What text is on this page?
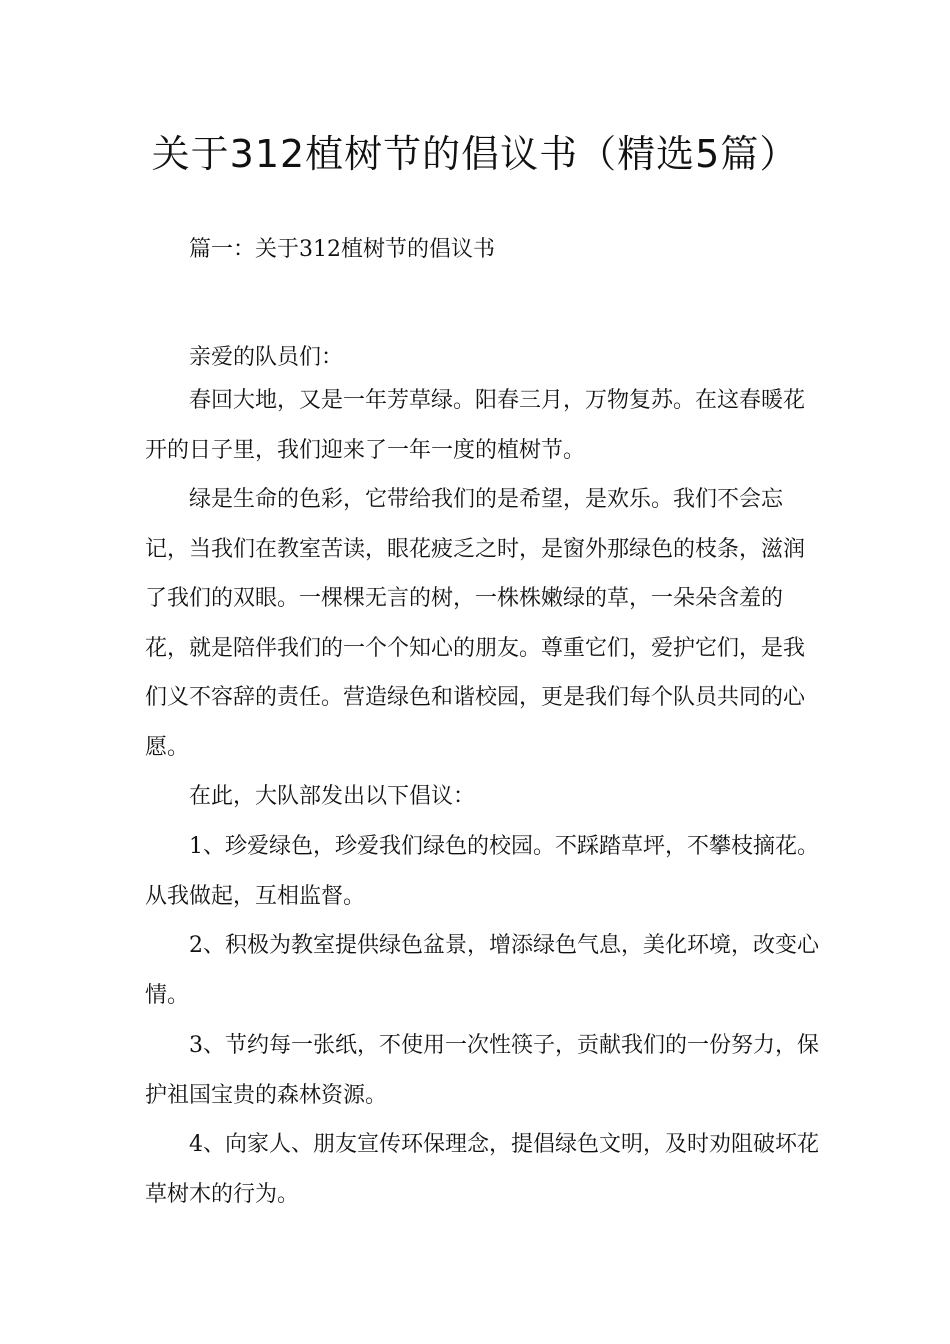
关于312植树节的倡议书（精选5篇）

篇一：关于312植树节的倡议书

亲爱的队员们：

春回大地，又是一年芳草绿。阳春三月，万物复苏。在这春暖花开的日子里，我们迎来了一年一度的植树节。

绿是生命的色彩，它带给我们的是希望，是欢乐。我们不会忘记，当我们在教室苦读，眼花疲乏之时，是窗外那绿色的枝条，滋润了我们的双眼。一棵棵无言的树，一株株嫩绿的草，一朵朵含羞的花，就是陪伴我们的一个个知心的朋友。尊重它们，爱护它们，是我们义不容辞的责任。营造绿色和谐校园，更是我们每个队员共同的心愿。

在此，大队部发出以下倡议：

1、珍爱绿色，珍爱我们绿色的校园。不踩踏草坪，不攀枝摘花。从我做起，互相监督。

2、积极为教室提供绿色盆景，增添绿色气息，美化环境，改变心情。

3、节约每一张纸，不使用一次性筷子，贡献我们的一份努力，保护祖国宝贵的森林资源。

4、向家人、朋友宣传环保理念，提倡绿色文明，及时劝阻破坏花草树木的行为。
